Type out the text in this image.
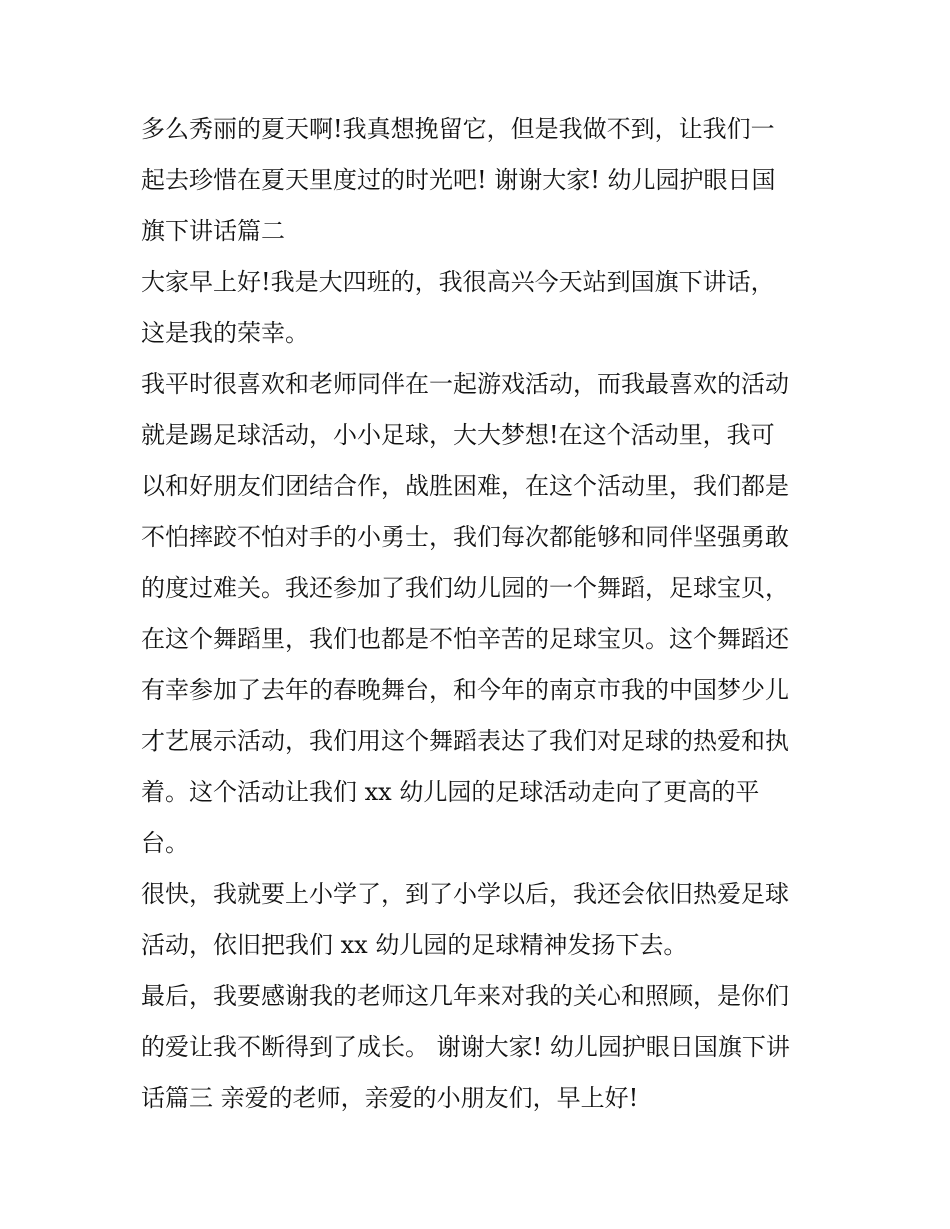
多么秀丽的夏天啊!我真想挽留它，但是我做不到，让我们一
起去珍惜在夏天里度过的时光吧! 谢谢大家! 幼儿园护眼日国
旗下讲话篇二
大家早上好!我是大四班的，我很高兴今天站到国旗下讲话，
这是我的荣幸。
我平时很喜欢和老师同伴在一起游戏活动，而我最喜欢的活动
就是踢足球活动，小小足球，大大梦想!在这个活动里，我可
以和好朋友们团结合作，战胜困难，在这个活动里，我们都是
不怕摔跤不怕对手的小勇士，我们每次都能够和同伴坚强勇敢
的度过难关。我还参加了我们幼儿园的一个舞蹈，足球宝贝，
在这个舞蹈里，我们也都是不怕辛苦的足球宝贝。这个舞蹈还
有幸参加了去年的春晚舞台，和今年的南京市我的中国梦少儿
才艺展示活动，我们用这个舞蹈表达了我们对足球的热爱和执
着。这个活动让我们 xx 幼儿园的足球活动走向了更高的平
台。
很快，我就要上小学了，到了小学以后，我还会依旧热爱足球
活动，依旧把我们 xx 幼儿园的足球精神发扬下去。
最后，我要感谢我的老师这几年来对我的关心和照顾，是你们
的爱让我不断得到了成长。 谢谢大家! 幼儿园护眼日国旗下讲
话篇三 亲爱的老师，亲爱的小朋友们，早上好!
